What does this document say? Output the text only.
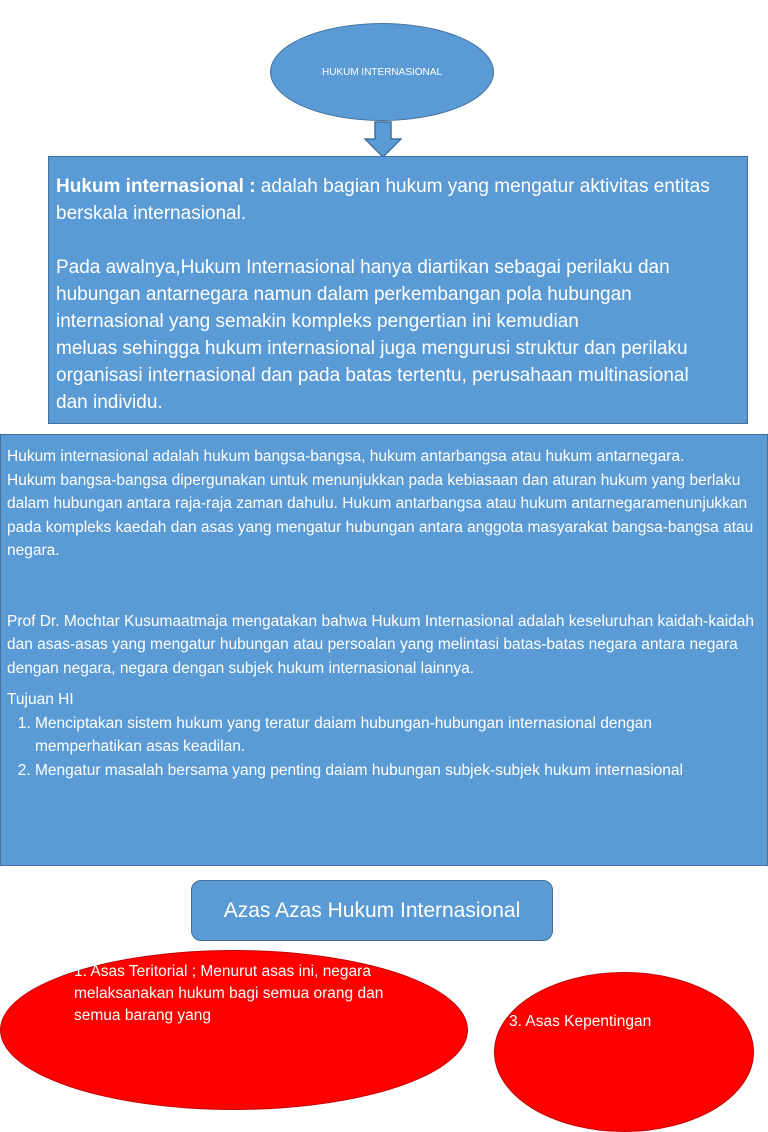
HUKUM INTERNASIONAL

Hukum internasional : adalah bagian hukum yang mengatur aktivitas entitas berskala internasional.

Pada awalnya,Hukum Internasional hanya diartikan sebagai perilaku dan
hubungan antarnegara namun dalam perkembangan pola hubungan
internasional yang semakin kompleks pengertian ini kemudian
meluas sehingga hukum internasional juga mengurusi struktur dan perilaku
organisasi internasional dan pada batas tertentu, perusahaan multinasional
dan individu.

Hukum internasional adalah hukum bangsa-bangsa, hukum antarbangsa atau hukum antarnegara.

Hukum bangsa-bangsa dipergunakan untuk menunjukkan pada kebiasaan dan aturan hukum yang berlaku dalam hubungan antara raja-raja zaman dahulu. Hukum antarbangsa atau hukum antarnegaramenunjukkan pada kompleks kaedah dan asas yang mengatur hubungan antara anggota masyarakat bangsa-bangsa atau negara.

Prof Dr. Mochtar Kusumaatmaja mengatakan bahwa Hukum Internasional adalah keseluruhan kaidah-kaidah dan asas-asas yang mengatur hubungan atau persoalan yang melintasi batas-batas negara antara negara dengan negara, negara dengan subjek hukum internasional lainnya.

Tujuan HI

1. Menciptakan sistem hukum yang teratur daiam hubungan-hubungan internasional dengan memperhatikan asas keadilan.
2. Mengatur masalah bersama yang penting daiam hubungan subjek-subjek hukum internasional
Azas Azas Hukum Internasional
1. Asas Teritorial ; Menurut asas ini, negara melaksanakan hukum bagi semua orang dan semua barang yang	3. Asas Kepentingan
